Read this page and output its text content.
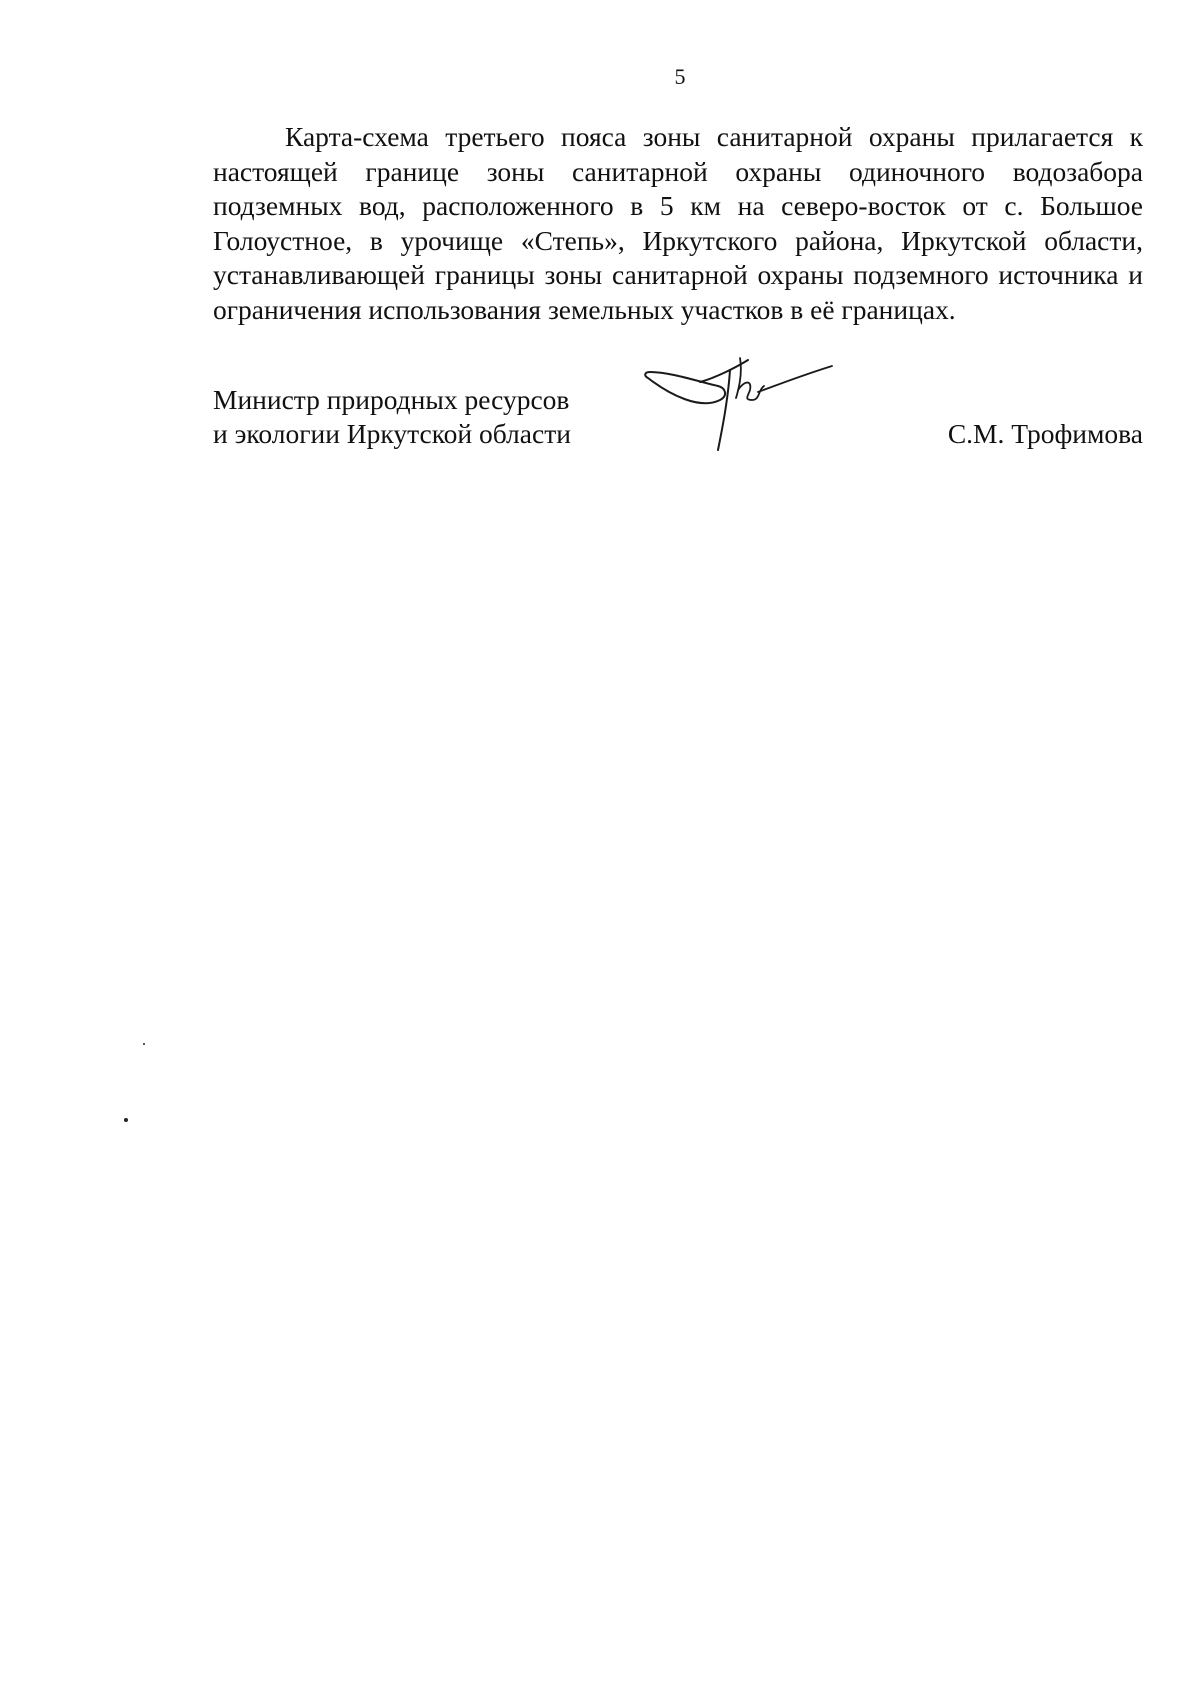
5

Карта-схема третьего пояса зоны санитарной охраны прилагается к настоящей границе зоны санитарной охраны одиночного водозабора подземных вод, расположенного в 5 км на северо-восток от с. Большое Голоустное, в урочище «Степь», Иркутского района, Иркутской области, устанавливающей границы зоны санитарной охраны подземного источника и ограничения использования земельных участков в её границах.

Министр природных ресурсов
и экологии Иркутской области	С.М. Трофимова
